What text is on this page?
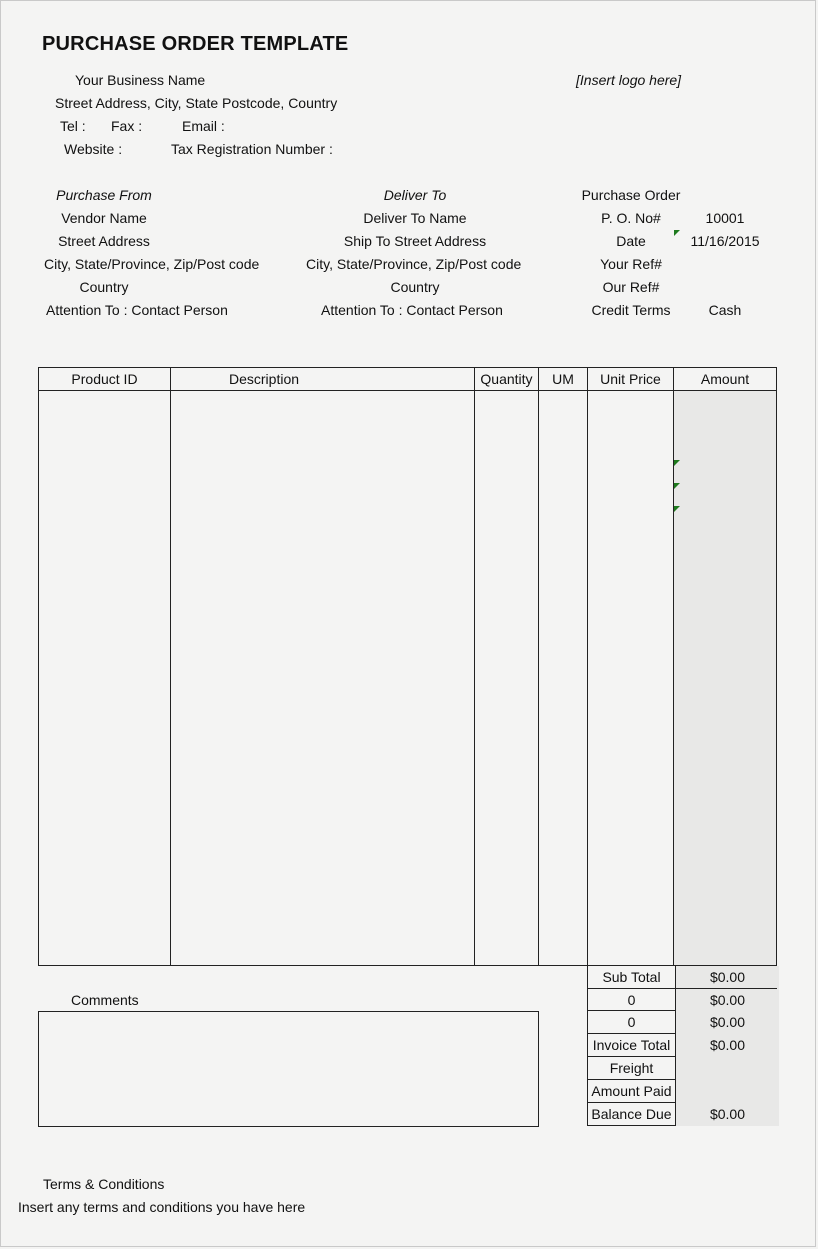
PURCHASE ORDER TEMPLATE
Your Business Name	[Insert logo here]
Street Address, City, State Postcode, Country
Tel : Fax :	Email :
Website :	Tax Registration Number :
Purchase From
Vendor Name
Street Address
City, State/Province, Zip/Post code
Country
Attention To : Contact Person
Deliver To
Deliver To Name
Ship To Street Address
City, State/Province, Zip/Post code
Country
Attention To : Contact Person
Purchase Order
P. O. No#	10001
Date	11/16/2015
Your Ref#
Our Ref#
Credit Terms	Cash
Product ID	Description	Quantity	UM	Unit Price	Amount
Sub Total	$0.00
0	$0.00
0	$0.00
Invoice Total	$0.00
Freight
Amount Paid
Balance Due	$0.00
Comments
Terms & Conditions
Insert any terms and conditions you have here
